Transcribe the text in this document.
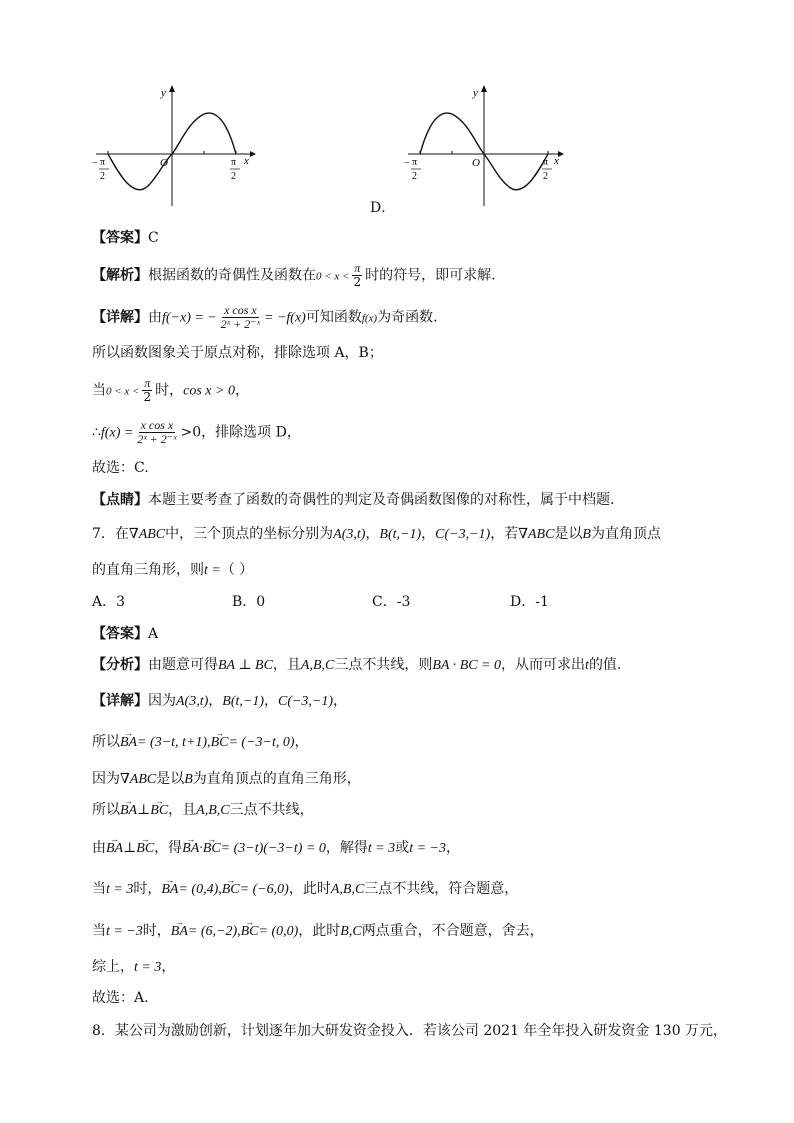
y
O	x
− π
2
π
2
y
O	x
− π
2
π
2
D．
【答案】C
【解析】根据函数的奇偶性及函数在$0 < x < \frac{\pi}{2}$ 时的符号，即可求解.
【详解】由f(−x) = − $\frac{\text{x cos x}}{\text{2ˣ + 2⁻ˣ}} = -f(x)$可知函数f(x)为奇函数.
所以函数图象关于原点对称，排除选项 A，B；
当$0 < x < \frac{\pi}{2}$ 时，cos x > 0，
∴f(x) = $\frac{\text{x cos x}}{\text{2ˣ + 2⁻ˣ}} >0$，排除选项 D，
故选：C.
【点睛】本题主要考查了函数的奇偶性的判定及奇偶函数图像的对称性，属于中档题.
7．在∇ABC中，三个顶点的坐标分别为A(3,t)，B(t,−1)，C(−3,−1)，若∇ABC是以B为直角顶点
的直角三角形，则t =（ ）
A．3	B．0	C．-3	D．-1
【答案】A
【分析】由题意可得BA ⊥ BC，且A,B,C三点不共线，则BA · BC = 0，从而可求出t的值.
【详解】因为A(3,t)，B(t,−1)，C(−3,−1)，
所以→ BA= (3−t, t+1),→ BC= (−3−t, 0)，
因为∇ABC是以B为直角顶点的直角三角形，
所以→ BA⊥→ BC，且A,B,C三点不共线，
由→ BA⊥→ BC，得→ BA·→ BC= (3−t)(−3−t) = 0，解得t = 3或t = −3，
当t = 3时，→ BA= (0,4),→ BC= (−6,0)，此时A,B,C三点不共线，符合题意，
当t = −3时，→ BA= (6,−2),→ BC= (0,0)，此时B,C两点重合，不合题意，舍去，
综上，t = 3，
故选：A.
8．某公司为激励创新，计划逐年加大研发资金投入．若该公司 2021 年全年投入研发资金 130 万元，
